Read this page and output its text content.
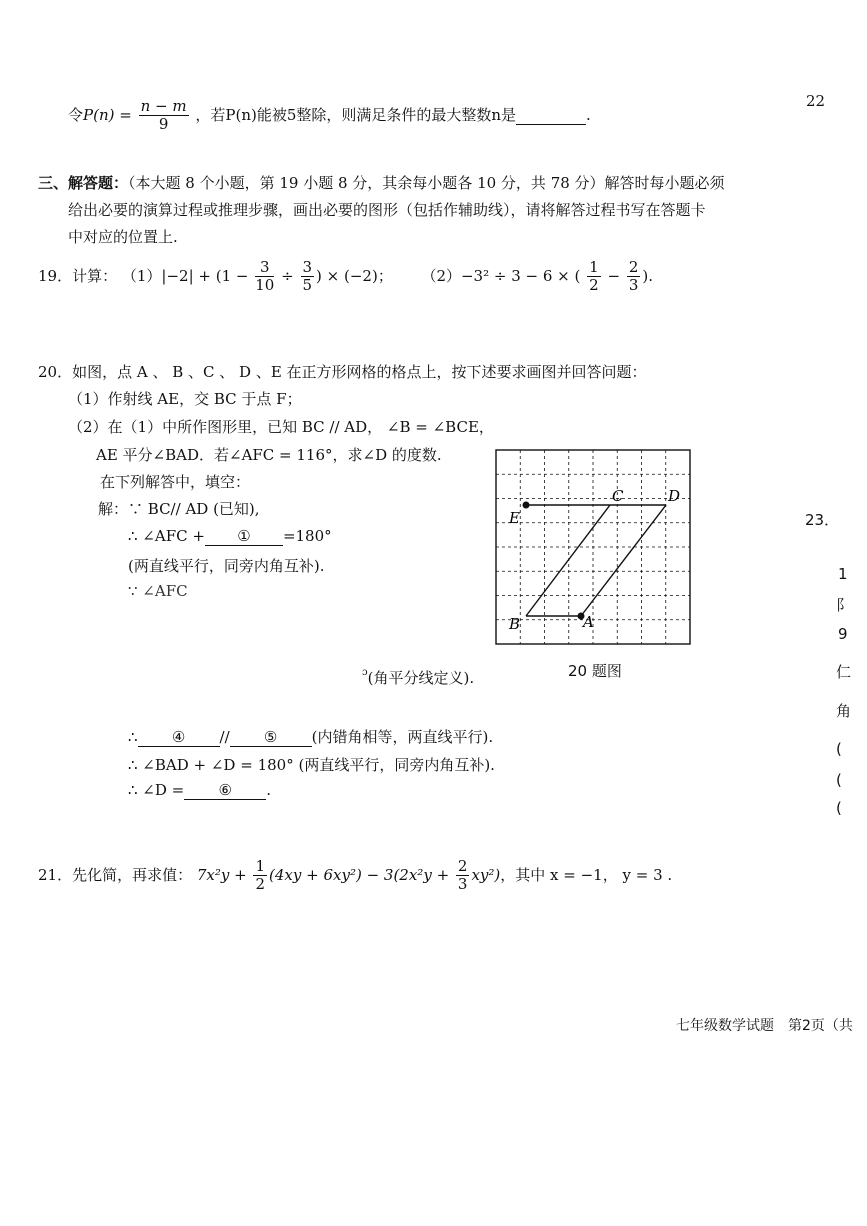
22
令$P(n) = \frac{n - m}{9}$ ，若P(n)能被5整除，则满足条件的最大整数n是	.
三、解答题：（本大题 8 个小题，第 19 小题 8 分，其余每小题各 10 分，共 78 分）解答时每小题必须
给出必要的演算过程或推理步骤，画出必要的图形（包括作辅助线），请将解答过程书写在答题卡
中对应的位置上.
19．计算： $(1)|-2| + (1 - \frac{3}{10} \div \frac{3}{5}$ ) × (−2)； （2）−3² ÷ 3 − 6 × ( $\frac{1}{2} - \frac{2}{3}$ ).
20．如图，点 A 、 B 、C 、 D 、E 在正方形网格的格点上，按下述要求画图并回答问题：
（1）作射线 AE，交 BC 于点 F；
（2）在（1）中所作图形里，已知 BC // AD， ∠B = ∠BCE，
AE 平分∠BAD．若∠AFC = 116°，求∠D 的度数.
在下列解答中，填空：
解：∵ BC// AD (已知),
∴ ∠AFC + ① =180°
(两直线平行，同旁内角互补).
∵ ∠AFC
$^ɔ$(角平分线定义).
∴ ④ // ⑤ (内错角相等，两直线平行).
∴ ∠BAD + ∠D = 180° (两直线平行，同旁内角互补).
∴ ∠D = ⑥ .
E
C	D
B	A
20 题图
21．先化简，再求值： $7x^2y + \frac{1}{2} (4xy + 6xy^2) - 3(2x^2y + \frac{2}{3} xy^2)$，其中 x = −1， y = 3 .
23．
1
阝
9
仁
角
(
(
(
七年级数学试题　第2页（共
